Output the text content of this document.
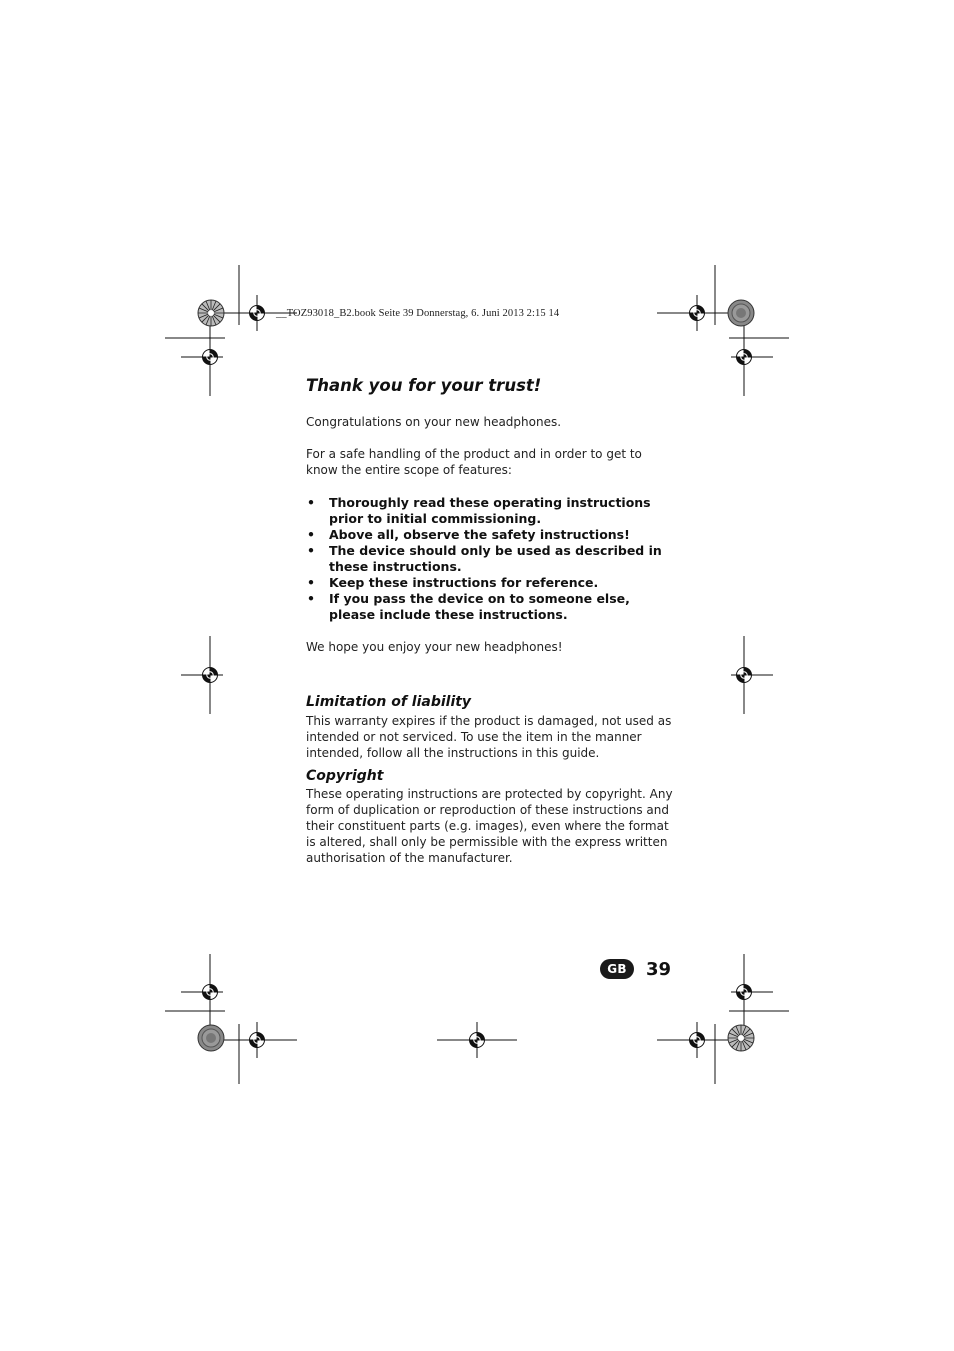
__TOZ93018_B2.book Seite 39 Donnerstag, 6. Juni 2013 2:15 14
Thank you for your trust!

Congratulations on your new headphones.

For a safe handling of the product and in order to get to know the entire scope of features:

• Thoroughly read these operating instructions prior to initial commissioning.
• Above all, observe the safety instructions!
• The device should only be used as described in these instructions.
• Keep these instructions for reference.
• If you pass the device on to someone else, please include these instructions.

We hope you enjoy your new headphones!

Limitation of liability

This warranty expires if the product is damaged, not used as intended or not serviced. To use the item in the manner intended, follow all the instructions in this guide.

Copyright

These operating instructions are protected by copyright. Any form of duplication or reproduction of these instructions and their constituent parts (e.g. images), even where the format is altered, shall only be permissible with the express written authorisation of the manufacturer.

GB	39
